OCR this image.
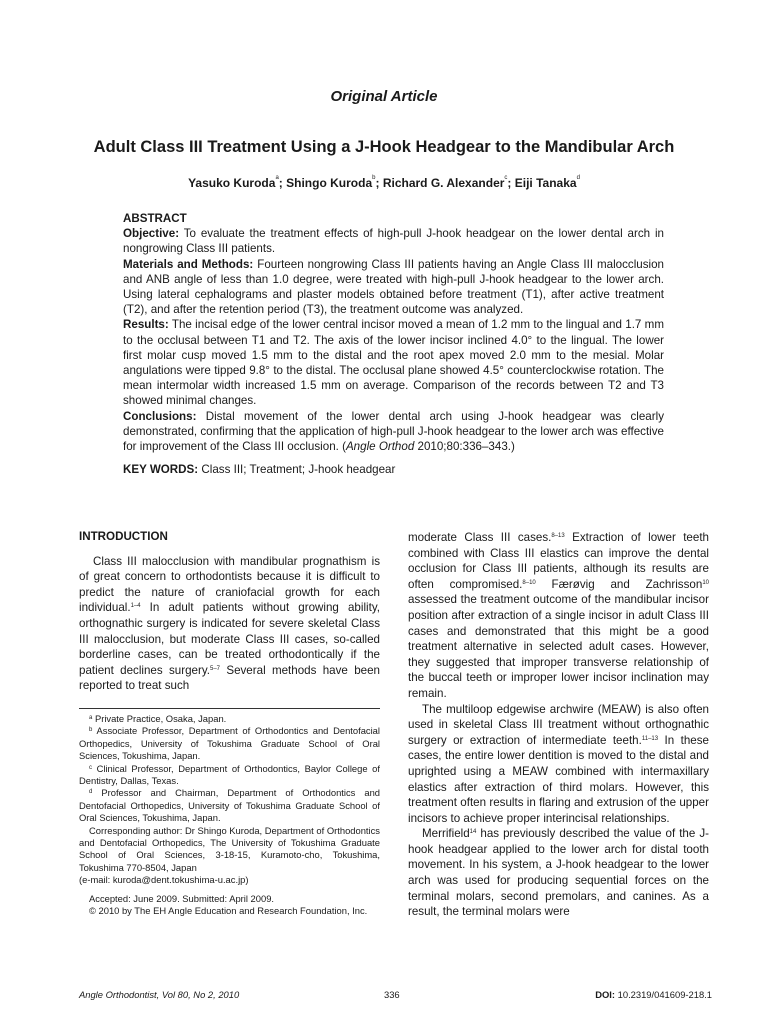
Original Article
Adult Class III Treatment Using a J-Hook Headgear to the Mandibular Arch
Yasuko Kuroda$^a$; Shingo Kuroda$^b$; Richard G. Alexander$^c$; Eiji Tanaka$^d$

ABSTRACT

Objective: To evaluate the treatment effects of high-pull J-hook headgear on the lower dental arch in nongrowing Class III patients.

Materials and Methods: Fourteen nongrowing Class III patients having an Angle Class III malocclusion and ANB angle of less than 1.0 degree, were treated with high-pull J-hook headgear to the lower arch. Using lateral cephalograms and plaster models obtained before treatment (T1), after active treatment (T2), and after the retention period (T3), the treatment outcome was analyzed.

Results: The incisal edge of the lower central incisor moved a mean of 1.2 mm to the lingual and 1.7 mm to the occlusal between T1 and T2. The axis of the lower incisor inclined 4.0° to the lingual. The lower first molar cusp moved 1.5 mm to the distal and the root apex moved 2.0 mm to the mesial. Molar angulations were tipped 9.8° to the distal. The occlusal plane showed 4.5° counterclockwise rotation. The mean intermolar width increased 1.5 mm on average. Comparison of the records between T2 and T3 showed minimal changes.

Conclusions: Distal movement of the lower dental arch using J-hook headgear was clearly demonstrated, confirming that the application of high-pull J-hook headgear to the lower arch was effective for improvement of the Class III occlusion. (Angle Orthod 2010;80:336–343.)

KEY WORDS: Class III; Treatment; J-hook headgear

INTRODUCTION

Class III malocclusion with mandibular prognathism is of great concern to orthodontists because it is difficult to predict the nature of craniofacial growth for each individual.$^{1-4}$ In adult patients without growing ability, orthognathic surgery is indicated for severe skeletal Class III malocclusion, but moderate Class III cases, so-called borderline cases, can be treated orthodontically if the patient declines surgery.$^{5-7}$ Several methods have been reported to treat such

$^a$ Private Practice, Osaka, Japan.

$^b$ Associate Professor, Department of Orthodontics and Dentofacial Orthopedics, University of Tokushima Graduate School of Oral Sciences, Tokushima, Japan.

$^c$ Clinical Professor, Department of Orthodontics, Baylor College of Dentistry, Dallas, Texas.

$^d$ Professor and Chairman, Department of Orthodontics and Dentofacial Orthopedics, University of Tokushima Graduate School of Oral Sciences, Tokushima, Japan.

Corresponding author: Dr Shingo Kuroda, Department of Orthodontics and Dentofacial Orthopedics, The University of Tokushima Graduate School of Oral Sciences, 3-18-15, Kuramoto-cho, Tokushima, Tokushima 770-8504, Japan

(e-mail: kuroda@dent.tokushima-u.ac.jp)

Accepted: June 2009. Submitted: April 2009.

© 2010 by The EH Angle Education and Research Foundation, Inc.

moderate Class III cases.$^{8-13}$ Extraction of lower teeth combined with Class III elastics can improve the dental occlusion for Class III patients, although its results are often compromised.$^{8-10}$ Færøvig and Zachrisson$^{10}$ assessed the treatment outcome of the mandibular incisor position after extraction of a single incisor in adult Class III cases and demonstrated that this might be a good treatment alternative in selected adult cases. However, they suggested that improper transverse relationship of the buccal teeth or improper lower incisor inclination may remain.

The multiloop edgewise archwire (MEAW) is also often used in skeletal Class III treatment without orthognathic surgery or extraction of intermediate teeth.$^{11-13}$ In these cases, the entire lower dentition is moved to the distal and uprighted using a MEAW combined with intermaxillary elastics after extraction of third molars. However, this treatment often results in flaring and extrusion of the upper incisors to achieve proper interincisal relationships.

Merrifield$^{14}$ has previously described the value of the J-hook headgear applied to the lower arch for distal tooth movement. In his system, a J-hook headgear to the lower arch was used for producing sequential forces on the terminal molars, second premolars, and canines. As a result, the terminal molars were

Angle Orthodontist, Vol 80, No 2, 2010	336	DOI: 10.2319/041609-218.1
